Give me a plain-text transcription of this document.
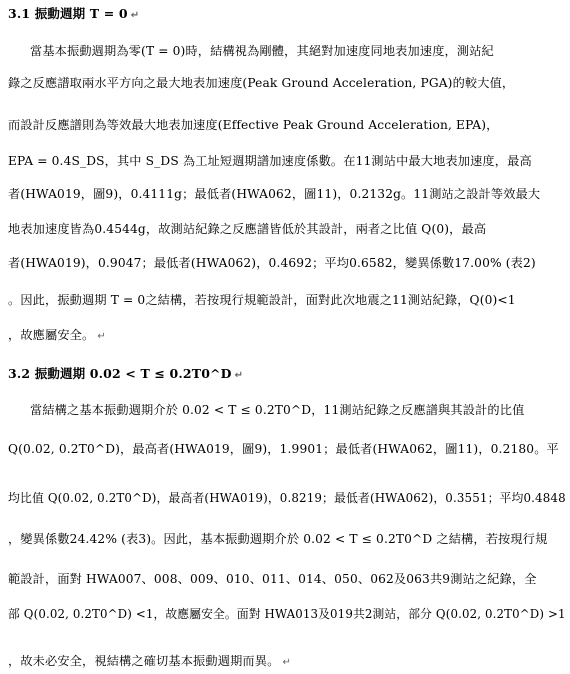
3.1 振動週期 T = 0 ↵
當基本振動週期為零(T = 0)時，結構視為剛體，其絕對加速度同地表加速度，測站紀
錄之反應譜取兩水平方向之最大地表加速度(Peak Ground Acceleration, PGA)的較大值，
而設計反應譜則為等效最大地表加速度(Effective Peak Ground Acceleration, EPA)，
EPA = 0.4S_DS，其中 S_DS 為工址短週期譜加速度係數。在11測站中最大地表加速度，最高
者(HWA019，圖9)，0.4111g；最低者(HWA062，圖11)，0.2132g。11測站之設計等效最大
地表加速度皆為0.4544g，故測站紀錄之反應譜皆低於其設計，兩者之比值 Q(0)，最高
者(HWA019)，0.9047；最低者(HWA062)，0.4692；平均0.6582，變異係數17.00% (表2)
。因此，振動週期 T = 0之結構，若按現行規範設計，面對此次地震之11測站紀錄，Q(0)<1
，故應屬安全。 ↵
3.2 振動週期 0.02 < T ≤ 0.2T0^D ↵
當結構之基本振動週期介於 0.02 < T ≤ 0.2T0^D，11測站紀錄之反應譜與其設計的比值
Q(0.02, 0.2T0^D)，最高者(HWA019，圖9)，1.9901；最低者(HWA062，圖11)，0.2180。平
均比值 Q(0.02, 0.2T0^D)，最高者(HWA019)，0.8219；最低者(HWA062)，0.3551；平均0.4848
，變異係數24.42% (表3)。因此，基本振動週期介於 0.02 < T ≤ 0.2T0^D 之結構，若按現行規
範設計，面對 HWA007、008、009、010、011、014、050、062及063共9測站之紀錄，全
部 Q(0.02, 0.2T0^D) <1，故應屬安全。面對 HWA013及019共2測站，部分 Q(0.02, 0.2T0^D) >1
，故未必安全，視結構之確切基本振動週期而異。 ↵
